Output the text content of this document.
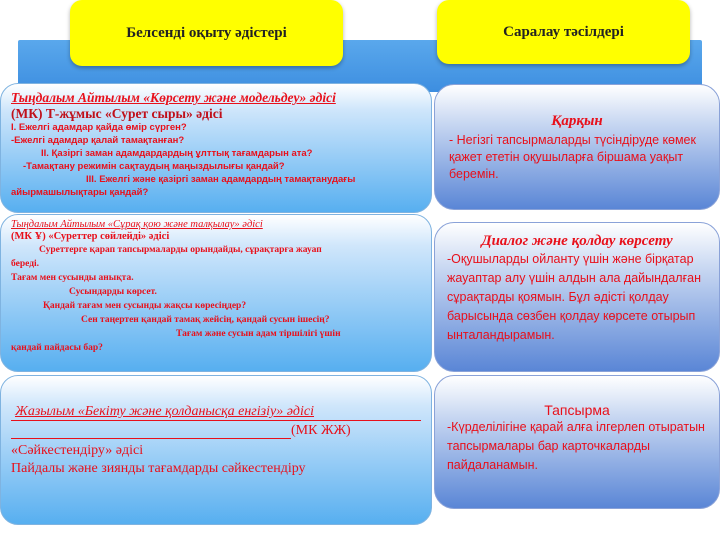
Белсенді оқыту әдістері	Саралау тәсілдері

Тыңдалым Айтылым «Көрсету және модельдеу» әдісі

(МК) Т-жұмыс «Сурет сыры» әдісі

I. Ежелгі адамдар қайда өмір сүрген?
-Ежелгі адамдар қалай тамақтанған?
II. Қазіргі заман адамдардардың ұлттық тағамдарын ата?
-Тамақтану режимін сақтаудың маңыздылығы қандай?
III. Ежелгі және қазіргі заман адамдардың тамақтанудағы
айырмашылықтары қандай?

Тыңдалым Айтылым «Сұрақ қою және талқылау» әдісі

(МК Ұ) «Суреттер сөйлейді» әдісі

Суреттерге қарап тапсырмаларды орындайды, сұрақтарға жауап
береді.
Тағам мен сусынды анықта.
Сусындарды көрсет.
Қандай тағам мен сусынды жақсы көресіңдер?
Сен таңертен қандай тамақ жейсің, қандай сусын ішесің?
Тағам және сусын адам тіршілігі үшін
қандай пайдасы бар?
Жазылым «Бекіту және қолданысқа енгізіу» әдісі
(МК ЖЖ)
«Сәйкестендіру» әдісі
Пайдалы және зиянды тағамдарды сәйкестендіру
Қарқын
- Негізгі тапсырмаларды түсіндіруде көмек қажет ететін оқушыларға біршама уақыт беремін.
Диалог және қолдау көрсету
-Оқушыларды ойланту үшін және бірқатар жауаптар алу үшін алдын ала дайындалған сұрақтарды қоямын. Бұл әдісті қолдау барысында сөзбен қолдау көрсете отырып ынталандырамын.
Тапсырма
-Күрделілігіне қарай алға ілгерлеп отыратын тапсырмалары бар карточкаларды пайдаланамын.
